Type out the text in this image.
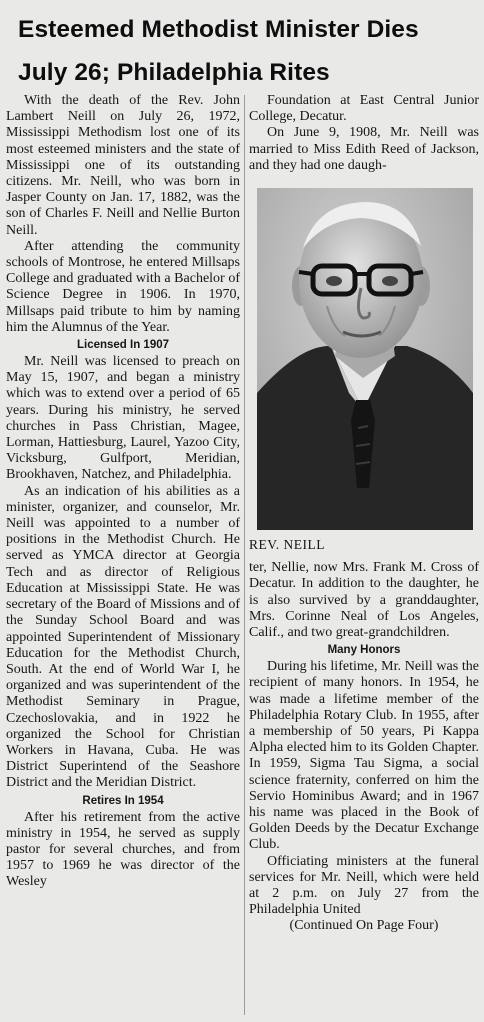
Esteemed Methodist Minister Dies
July 26; Philadelphia Rites

With the death of the Rev. John Lambert Neill on July 26, 1972, Mississippi Methodism lost one of its most esteemed ministers and the state of Mississippi one of its outstanding citizens. Mr. Neill, who was born in Jasper County on Jan. 17, 1882, was the son of Charles F. Neill and Nellie Burton Neill.

After attending the community schools of Montrose, he entered Millsaps College and graduated with a Bachelor of Science Degree in 1906. In 1970, Millsaps paid tribute to him by naming him the Alumnus of the Year.

Licensed In 1907

Mr. Neill was licensed to preach on May 15, 1907, and began a ministry which was to extend over a period of 65 years. During his ministry, he served churches in Pass Christian, Magee, Lorman, Hattiesburg, Laurel, Yazoo City, Vicksburg, Gulfport, Meridian, Brookhaven, Natchez, and Philadelphia.

As an indication of his abilities as a minister, organizer, and counselor, Mr. Neill was appointed to a number of positions in the Methodist Church. He served as YMCA director at Georgia Tech and as director of Religious Education at Mississippi State. He was secretary of the Board of Missions and of the Sunday School Board and was appointed Superintendent of Missionary Education for the Methodist Church, South. At the end of World War I, he organized and was superintendent of the Methodist Seminary in Prague, Czechoslovakia, and in 1922 he organized the School for Christian Workers in Havana, Cuba. He was District Superintend of the Seashore District and the Meridian District.

Retires In 1954

After his retirement from the active ministry in 1954, he served as supply pastor for several churches, and from 1957 to 1969 he was director of the Wesley

Foundation at East Central Junior College, Decatur.

On June 9, 1908, Mr. Neill was married to Miss Edith Reed of Jackson, and they had one daugh-

REV. NEILL

ter, Nellie, now Mrs. Frank M. Cross of Decatur. In addition to the daughter, he is also survived by a granddaughter, Mrs. Corinne Neal of Los Angeles, Calif., and two great-grandchildren.

Many Honors

During his lifetime, Mr. Neill was the recipient of many honors. In 1954, he was made a lifetime member of the Philadelphia Rotary Club. In 1955, after a membership of 50 years, Pi Kappa Alpha elected him to its Golden Chapter. In 1959, Sigma Tau Sigma, a social science fraternity, conferred on him the Servio Hominibus Award; and in 1967 his name was placed in the Book of Golden Deeds by the Decatur Exchange Club.

Officiating ministers at the funeral services for Mr. Neill, which were held at 2 p.m. on July 27 from the Philadelphia United

(Continued On Page Four)
